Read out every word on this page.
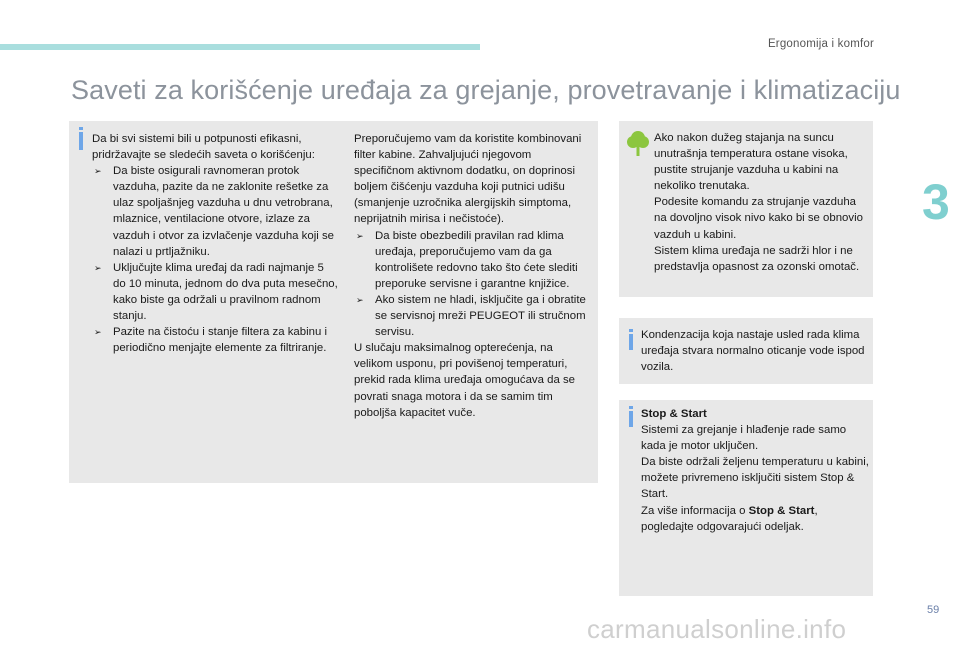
Ergonomija i komfor
Saveti za korišćenje uređaja za grejanje, provetravanje i klimatizaciju

Da bi svi sistemi bili u potpunosti efikasni, pridržavajte se sledećih saveta o korišćenju:

➢ Da biste osigurali ravnomeran protok vazduha, pazite da ne zaklonite rešetke za ulaz spoljašnjeg vazduha u dnu vetrobrana, mlaznice, ventilacione otvore, izlaze za vazduh i otvor za izvlačenje vazduha koji se nalazi u prtljažniku.

➢ Uključujte klima uređaj da radi najmanje 5 do 10 minuta, jednom do dva puta mesečno, kako biste ga održali u pravilnom radnom stanju.

➢ Pazite na čistoću i stanje filtera za kabinu i periodično menjajte elemente za filtriranje.

Preporučujemo vam da koristite kombinovani filter kabine. Zahvaljujući njegovom specifičnom aktivnom dodatku, on doprinosi boljem čišćenju vazduha koji putnici udišu (smanjenje uzročnika alergijskih simptoma, neprijatnih mirisa i nečistoće).

➢ Da biste obezbedili pravilan rad klima uređaja, preporučujemo vam da ga kontrolišete redovno tako što ćete slediti preporuke servisne i garantne knjižice.

➢ Ako sistem ne hladi, isključite ga i obratite se servisnoj mreži PEUGEOT ili stručnom servisu.

U slučaju maksimalnog opterećenja, na velikom usponu, pri povišenoj temperaturi, prekid rada klima uređaja omogućava da se povrati snaga motora i da se samim tim poboljša kapacitet vuče.

Ako nakon dužeg stajanja na suncu unutrašnja temperatura ostane visoka, pustite strujanje vazduha u kabini na nekoliko trenutaka.

Podesite komandu za strujanje vazduha na dovoljno visok nivo kako bi se obnovio vazduh u kabini.

Sistem klima uređaja ne sadrži hlor i ne predstavlja opasnost za ozonski omotač.

Kondenzacija koja nastaje usled rada klima uređaja stvara normalno oticanje vode ispod vozila.

Stop & Start

Sistemi za grejanje i hlađenje rade samo kada je motor uključen.

Da biste održali željenu temperaturu u kabini, možete privremeno isključiti sistem Stop & Start.

Za više informacija o Stop & Start, pogledajte odgovarajući odeljak.

3
59
carmanualsonline.info
